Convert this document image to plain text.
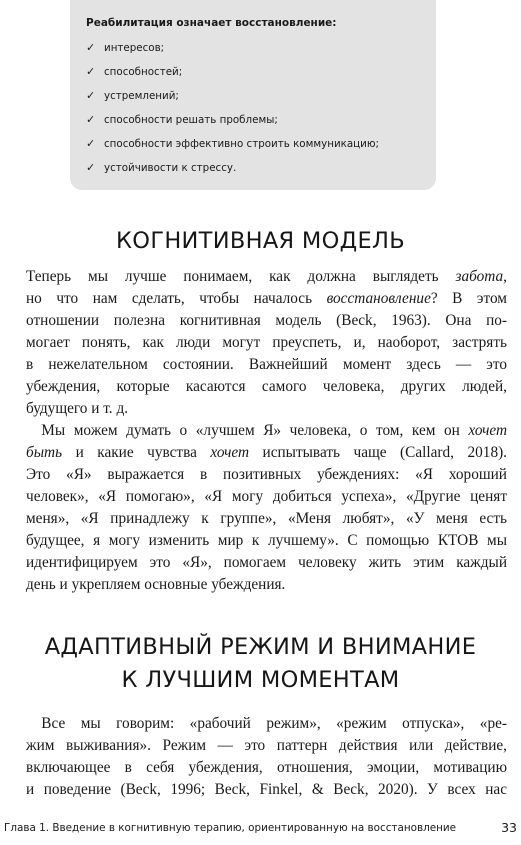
Реабилитация означает восстановление:
✓ интересов;
✓ способностей;
✓ устремлений;
✓ способности решать проблемы;
✓ способности эффективно строить коммуникацию;
✓ устойчивости к стрессу.
КОГНИТИВНАЯ МОДЕЛЬ
Теперь мы лучше понимаем, как должна выглядеть забота,
но что нам сделать, чтобы началось восстановление? В этом
отношении полезна когнитивная модель (Beck, 1963). Она по-
могает понять, как люди могут преуспеть, и, наоборот, застрять
в нежелательном состоянии. Важнейший момент здесь — это
убеждения, которые касаются самого человека, других людей,
будущего и т. д.
 Мы можем думать о «лучшем Я» человека, о том, кем он хочет
быть и какие чувства хочет испытывать чаще (Callard, 2018).
Это «Я» выражается в позитивных убеждениях: «Я хороший
человек», «Я помогаю», «Я могу добиться успеха», «Другие ценят
меня», «Я принадлежу к группе», «Меня любят», «У меня есть
будущее, я могу изменить мир к лучшему». С помощью КТОВ мы
идентифицируем это «Я», помогаем человеку жить этим каждый
день и укрепляем основные убеждения.
АДАПТИВНЫЙ РЕЖИМ И ВНИМАНИЕ
К ЛУЧШИМ МОМЕНТАМ
 Все мы говорим: «рабочий режим», «режим отпуска», «ре-
жим выживания». Режим — это паттерн действия или действие,
включающее в себя убеждения, отношения, эмоции, мотивацию
и поведение (Beck, 1996; Beck, Finkel, & Beck, 2020). У всех нас
Глава 1. Введение в когнитивную терапию, ориентированную на восстановление	33
